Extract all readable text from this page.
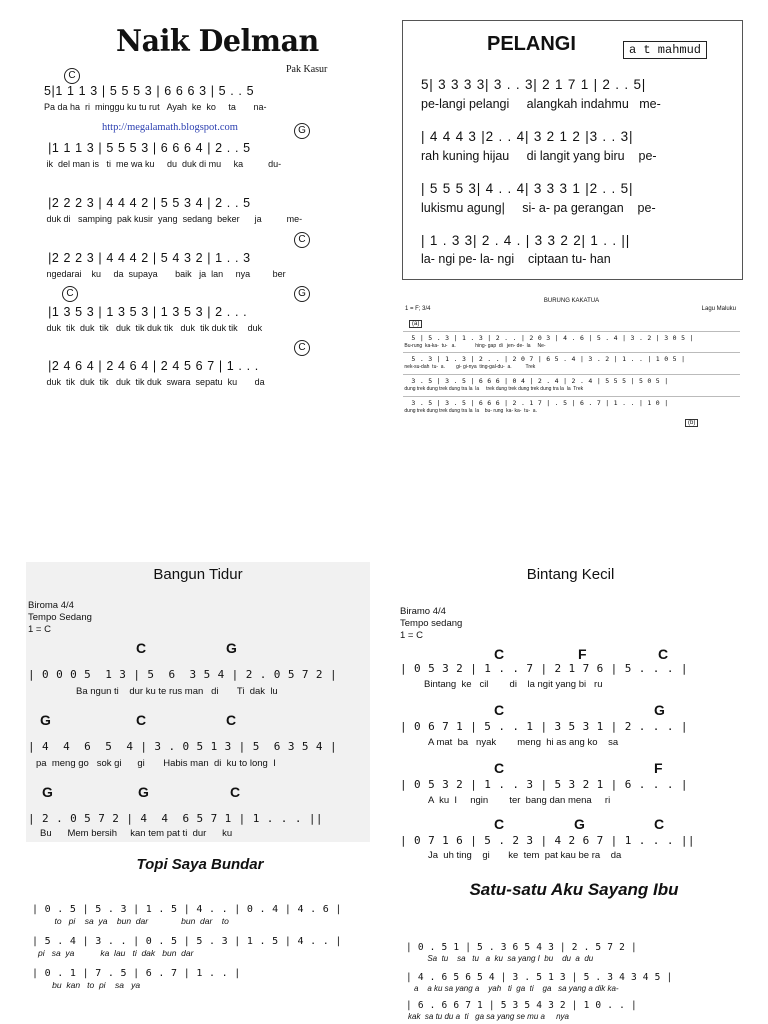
Naik Delman
Pak Kasur
http://megalamath.blogspot.com
C
5|1 1 1 3 | 5 5 5 3 | 6 6 6 3 | 5 . . 5
Pa da ha  ri  minggu ku tu rut   Ayah  ke  ko     ta       na-
G
|1 1 1 3 | 5 5 5 3 | 6 6 6 4 | 2 . . 5
ik  del man is   ti  me wa ku     du  duk di mu     ka          du-
|2 2 2 3 | 4 4 4 2 | 5 5 3 4 | 2 . . 5
duk di   samping  pak kusir  yang  sedang  beker      ja          me-
C
|2 2 2 3 | 4 4 4 2 | 5 4 3 2 | 1 . . 3
ngedarai    ku     da  supaya       baik   ja  lan     nya         ber
C	G
|1 3 5 3 | 1 3 5 3 | 1 3 5 3 | 2 . . .
duk  tik  duk  tik   duk  tik duk tik   duk  tik duk tik    duk
C
|2 4 6 4 | 2 4 6 4 | 2 4 5 6 7 | 1 . . .
duk  tik  duk  tik   duk  tik duk  swara  sepatu  ku       da
PELANGI	a t mahmud
5| 3 3 3 3| 3 . . 3| 2 1 7 1 | 2 . . 5|
pe-langi pelangi     alangkah indahmu   me-
| 4 4 4 3 |2 . . 4| 3 2 1 2 |3 . . 3|
rah kuning hijau     di langit yang biru    pe-
| 5 5 5 3| 4 . . 4| 3 3 3 1 |2 . . 5|
lukismu agung|     si- a- pa gerangan    pe-
| 1 . 3 3| 2 . 4 . | 3 3 2 2| 1 . . ||
la- ngi pe- la- ngi    ciptaan tu- han
1 = F; 3/4
BURUNG KAKATUA
Lagu Maluku
(a)
5 | 5 . 3 | 1 . 3 | 2 . . | 2 0 3 | 4 . 6 | 5 . 4 | 3 . 2 | 3 0 5 |
Bu-rung  ka-ka-  tu-   a.              hing- gap  di   jen- de-  la     Ne-
5 . 3 | 1 . 3 | 2 . . | 2 0 7 | 6 5 . 4 | 3 . 2 | 1 . . | 1 0 5 |
nek-su-dah  tu-  a.        gi- gi-nya  ting-gal-du-  a.          Trek
3 . 5 | 3 . 5 | 6 6 6 | 0 4 | 2 . 4 | 2 . 4 | 5 5 5 | 5 0 5 |
dung trek dung trek dung tra la  la     trek dung trek dung trek dung tra la  la  Trek
3 . 5 | 3 . 5 | 6 6 6 | 2 . 1 7 | . 5 | 6 . 7 | 1 . . | 1 0 |
dung trek dung trek dung tra la  la    bu- rung  ka- ka-  tu-  a.
(b)
Bangun Tidur
Biroma 4/4
Tempo Sedang
1 = C
C	G
| 0 0 0 5  1 3 | 5  6  3 5 4 | 2 . 0 5 7 2 |
Ba ngun ti    dur ku te rus man   di       Ti  dak  lu
G	C	C
| 4  4  6  5  4 | 3 . 0 5 1 3 | 5  6 3 5 4 |
pa  meng go   sok gi      gi       Habis man  di  ku to long  I
G	G	C
| 2 . 0 5 7 2 | 4  4  6 5 7 1 | 1 . . . ||
Bu      Mem bersih     kan tem pat ti  dur      ku
Bintang Kecil
Biramo 4/4
Tempo sedang
1 = C
C	F	C
| 0 5 3 2 | 1 . . 7 | 2 1 7 6 | 5 . . . |
Bintang  ke   cil        di    la ngit yang bi   ru
C	G
| 0 6 7 1 | 5 . . 1 | 3 5 3 1 | 2 . . . |
A mat  ba   nyak        meng  hi as ang ko    sa
C	F
| 0 5 3 2 | 1 . . 3 | 5 3 2 1 | 6 . . . |
A  ku  I     ngin        ter  bang dan mena     ri
C	G	C
| 0 7 1 6 | 5 . 2 3 | 4 2 6 7 | 1 . . . ||
Ja  uh ting    gi       ke  tem  pat kau be ra    da
Topi Saya Bundar
| 0 . 5 | 5 . 3 | 1 . 5 | 4 . . | 0 . 4 | 4 . 6 |
to   pi    sa  ya    bun  dar              bun  dar    to
| 5 . 4 | 3 . . | 0 . 5 | 5 . 3 | 1 . 5 | 4 . . |
pi   sa  ya           ka  lau   ti  dak   bun  dar
| 0 . 1 | 7 . 5 | 6 . 7 | 1 . . |
bu  kan   to  pi    sa   ya
Satu-satu Aku Sayang Ibu
| 0 . 5 1 | 5 . 3 6 5 4 3 | 2 . 5 7 2 |
Sa  tu    sa   tu   a  ku  sa yang I  bu    du  a  du
| 4 . 6 5 6 5 4 | 3 . 5 1 3 | 5 . 3 4 3 4 5 |
a    a ku sa yang a    yah   ti  ga  ti    ga   sa yang a dik ka-
| 6 . 6 6 7 1 | 5 3 5 4 3 2 | 1 0 . . |
kak  sa tu du a  ti   ga sa yang se mu a     nya
